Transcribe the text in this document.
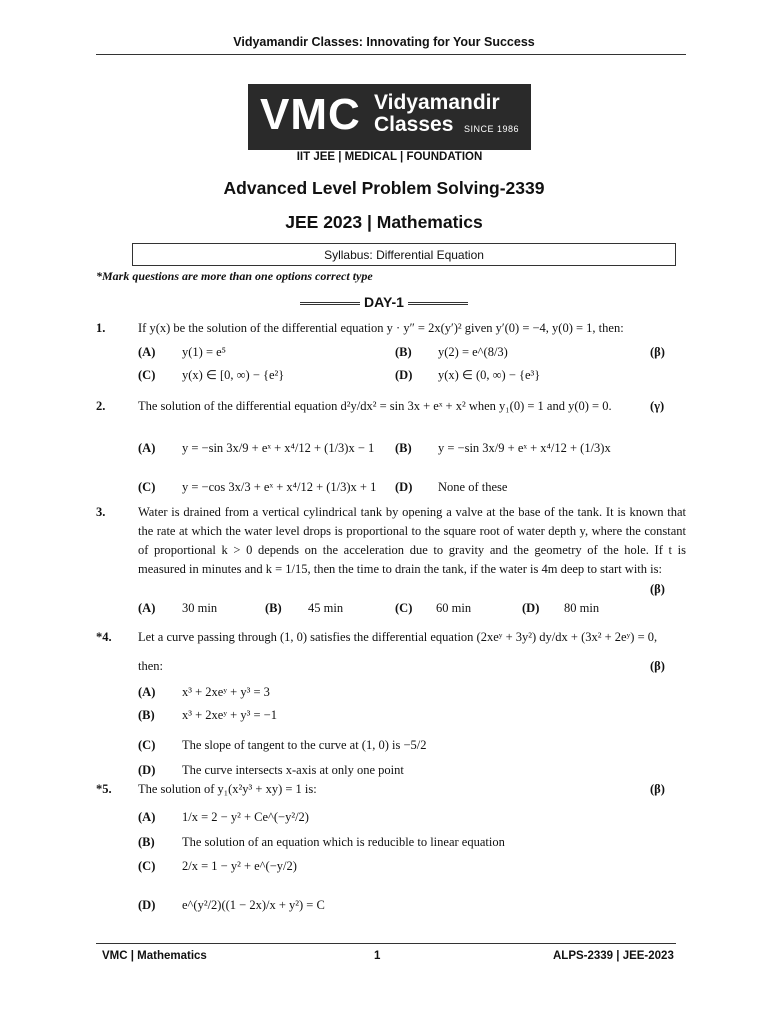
Vidyamandir Classes: Innovating for Your Success
VMC Vidyamandir
Classes	SINCE 1986
IIT JEE | MEDICAL | FOUNDATION
Advanced Level Problem Solving-2339
JEE 2023 | Mathematics
Syllabus: Differential Equation
*Mark questions are more than one options correct type
DAY-1
1.	If y(x) be the solution of the differential equation y · y″ = 2x(y′)² given y′(0) = −4, y(0) = 1, then:
(A) y(1) = e⁵	(B) y(2) = e^(8/3)	(β)
(C) y(x) ∈ [0, ∞) − {e²}	(D) y(x) ∈ (0, ∞) − {e³}
2.	The solution of the differential equation d²y/dx² = sin 3x + eˣ + x² when y₁(0) = 1 and y(0) = 0.	(γ)
(A) y = −sin 3x/9 + eˣ + x⁴/12 + (1/3)x − 1 (B) y = −sin 3x/9 + eˣ + x⁴/12 + (1/3)x
(C) y = −cos 3x/3 + eˣ + x⁴/12 + (1/3)x + 1 (D) None of these
3.	Water is drained from a vertical cylindrical tank by opening a valve at the base of the tank. It is known that the rate at which the water level drops is proportional to the square root of water depth y, where the constant of proportional k > 0 depends on the acceleration due to gravity and the geometry of the hole. If t is measured in minutes and k = 1/15, then the time to drain the tank, if the water is 4m deep to start with is:
(β)
(A) 30 min	(B) 45 min	(C) 60 min	(D) 80 min
*4. Let a curve passing through (1, 0) satisfies the differential equation (2xeʸ + 3y²) dy/dx + (3x² + 2eʸ) = 0,
then:	(β)
(A) x³ + 2xeʸ + y³ = 3
(B) x³ + 2xeʸ + y³ = −1
(C) The slope of tangent to the curve at (1, 0) is −5/2
(D) The curve intersects x-axis at only one point
*5. The solution of y₁(x²y³ + xy) = 1 is:	(β)
(A) 1/x = 2 − y² + Ce^(−y²/2)
(B) The solution of an equation which is reducible to linear equation
(C) 2/x = 1 − y² + e^(−y/2)
(D) e^(y²/2)((1 − 2x)/x + y²) = C
VMC | Mathematics	1	ALPS-2339 | JEE-2023
